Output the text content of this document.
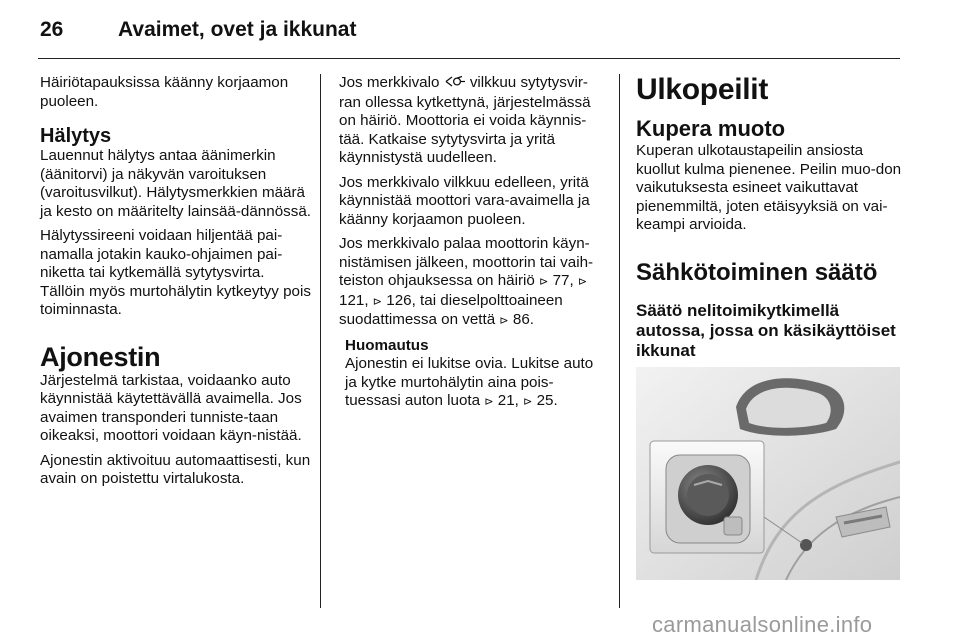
26	Avaimet, ovet ja ikkunat

Häiriötapauksissa käänny korjaamon puoleen.

Hälytys

Lauennut hälytys antaa äänimerkin (äänitorvi) ja näkyvän varoituksen (varoitusvilkut). Hälytysmerkkien määrä ja kesto on määritelty lainsää-dännössä.

Hälytyssireeni voidaan hiljentää pai-namalla jotakin kauko-ohjaimen pai-niketta tai kytkemällä sytytysvirta. Tällöin myös murtohälytin kytkeytyy pois toiminnasta.

Ajonestin

Järjestelmä tarkistaa, voidaanko auto käynnistää käytettävällä avaimella. Jos avaimen transponderi tunniste-taan oikeaksi, moottori voidaan käyn-nistää.

Ajonestin aktivoituu automaattisesti, kun avain on poistettu virtalukosta.

Jos merkkivalo vilkkuu sytytysvir-ran ollessa kytkettynä, järjestelmässä on häiriö. Moottoria ei voida käynnis-tää. Katkaise sytytysvirta ja yritä käynnistystä uudelleen.

Jos merkkivalo vilkkuu edelleen, yritä käynnistää moottori vara-avaimella ja käänny korjaamon puoleen.

Jos merkkivalo palaa moottorin käyn-nistämisen jälkeen, moottorin tai vaih-teiston ohjauksessa on häiriö ⊳ 77, ⊳ 121, ⊳ 126, tai dieselpolttoaineen suodattimessa on vettä ⊳ 86.

Huomautus

Ajonestin ei lukitse ovia. Lukitse auto ja kytke murtohälytin aina pois-tuessasi auton luota ⊳ 21, ⊳ 25.

Ulkopeilit
Kupera muoto

Kuperan ulkotaustapeilin ansiosta kuollut kulma pienenee. Peilin muo-don vaikutuksesta esineet vaikuttavat pienemmiltä, joten etäisyyksiä on vai-keampi arvioida.

Sähkötoiminen säätö
Säätö nelitoimikytkimellä autossa, jossa on käsikäyttöiset ikkunat
carmanualsonline.info
